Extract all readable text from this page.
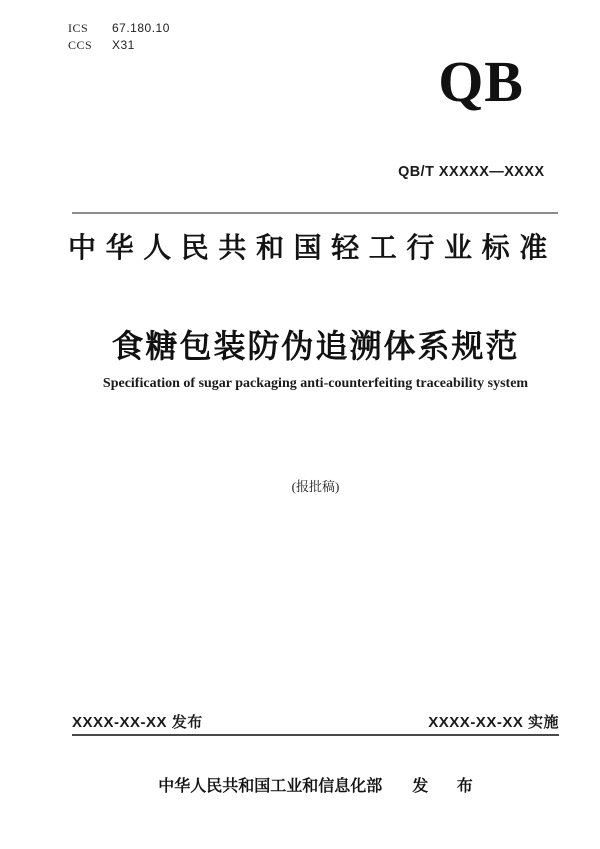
ICS	67.180.10
CCS	X31
QB
QB/T XXXXX—XXXX
中华人民共和国轻工行业标准
食糖包装防伪追溯体系规范
Specification of sugar packaging anti-counterfeiting traceability system
(报批稿)
XXXX-XX-XX 发布	XXXX-XX-XX 实施
中华人民共和国工业和信息化部 发 布
